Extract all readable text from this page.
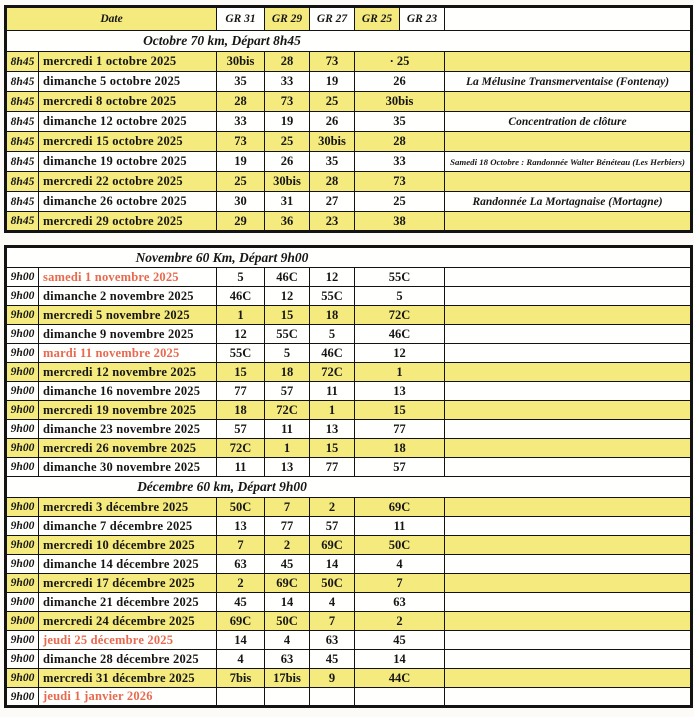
Date		GR 31	GR 29	GR 27	GR 25	GR 23	

Octobre 70 km, Départ 8h45							

8h45	mercredi 1 octobre 2025	30bis	28	73	· 25		
8h45	dimanche 5 octobre 2025	35	33	19	26		La Mélusine Transmerventaise (Fontenay)
8h45	mercredi 8 octobre 2025	28	73	25	30bis		
8h45	dimanche 12 octobre 2025	33	19	26	35		Concentration de clôture
8h45	mercredi 15 octobre 2025	73	25	30bis	28		
8h45	dimanche 19 octobre 2025	19	26	35	33		Samedi 18 Octobre : Randonnée Walter Bénéteau (Les Herbiers)
8h45	mercredi 22 octobre 2025	25	30bis	28	73		
8h45	dimanche 26 octobre 2025	30	31	27	25		Randonnée La Mortagnaise (Mortagne)
8h45	mercredi 29 octobre 2025	29	36	23	38		
Novembre 60 Km, Départ 9h00						

9h00	samedi 1 novembre 2025	5	46C	12	55C	
9h00	dimanche 2 novembre 2025	46C	12	55C	5	
9h00	mercredi 5 novembre 2025	1	15	18	72C	
9h00	dimanche 9 novembre 2025	12	55C	5	46C	
9h00	mardi 11 novembre 2025	55C	5	46C	12	
9h00	mercredi 12 novembre 2025	15	18	72C	1	
9h00	dimanche 16 novembre 2025	77	57	11	13	
9h00	mercredi 19 novembre 2025	18	72C	1	15	
9h00	dimanche 23 novembre 2025	57	11	13	77	
9h00	mercredi 26 novembre 2025	72C	1	15	18	
9h00	dimanche 30 novembre 2025	11	13	77	57	

Décembre 60 km, Départ 9h00						

9h00	mercredi 3 décembre 2025	50C	7	2	69C	
9h00	dimanche 7 décembre 2025	13	77	57	11	
9h00	mercredi 10 décembre 2025	7	2	69C	50C	
9h00	dimanche 14 décembre 2025	63	45	14	4	
9h00	mercredi 17 décembre 2025	2	69C	50C	7	
9h00	dimanche 21 décembre 2025	45	14	4	63	
9h00	mercredi 24 décembre 2025	69C	50C	7	2	
9h00	jeudi 25 décembre 2025	14	4	63	45	
9h00	dimanche 28 décembre 2025	4	63	45	14	
9h00	mercredi 31 décembre 2025	7bis	17bis	9	44C	
9h00	jeudi 1 janvier 2026					
